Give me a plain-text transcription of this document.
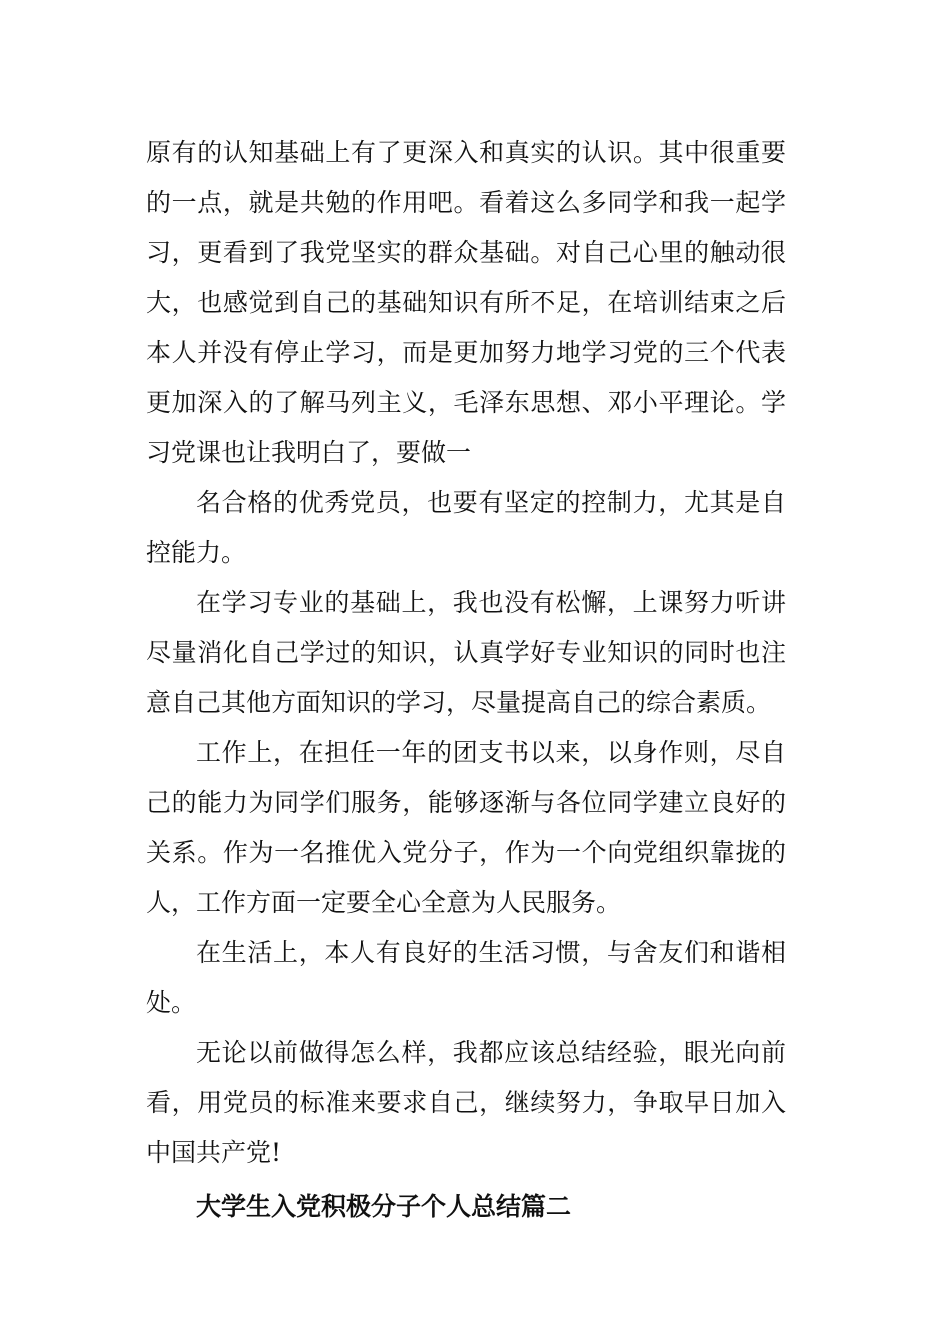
原有的认知基础上有了更深入和真实的认识。其中很重要的一点，就是共勉的作用吧。看着这么多同学和我一起学习，更看到了我党坚实的群众基础。对自己心里的触动很大，也感觉到自己的基础知识有所不足，在培训结束之后本人并没有停止学习，而是更加努力地学习党的三个代表更加深入的了解马列主义，毛泽东思想、邓小平理论。学习党课也让我明白了，要做一

名合格的优秀党员，也要有坚定的控制力，尤其是自控能力。

在学习专业的基础上，我也没有松懈，上课努力听讲尽量消化自己学过的知识，认真学好专业知识的同时也注意自己其他方面知识的学习，尽量提高自己的综合素质。

工作上，在担任一年的团支书以来，以身作则，尽自己的能力为同学们服务，能够逐渐与各位同学建立良好的关系。作为一名推优入党分子，作为一个向党组织靠拢的人，工作方面一定要全心全意为人民服务。

在生活上，本人有良好的生活习惯，与舍友们和谐相处。

无论以前做得怎么样，我都应该总结经验，眼光向前看，用党员的标准来要求自己，继续努力，争取早日加入中国共产党!

大学生入党积极分子个人总结篇二
